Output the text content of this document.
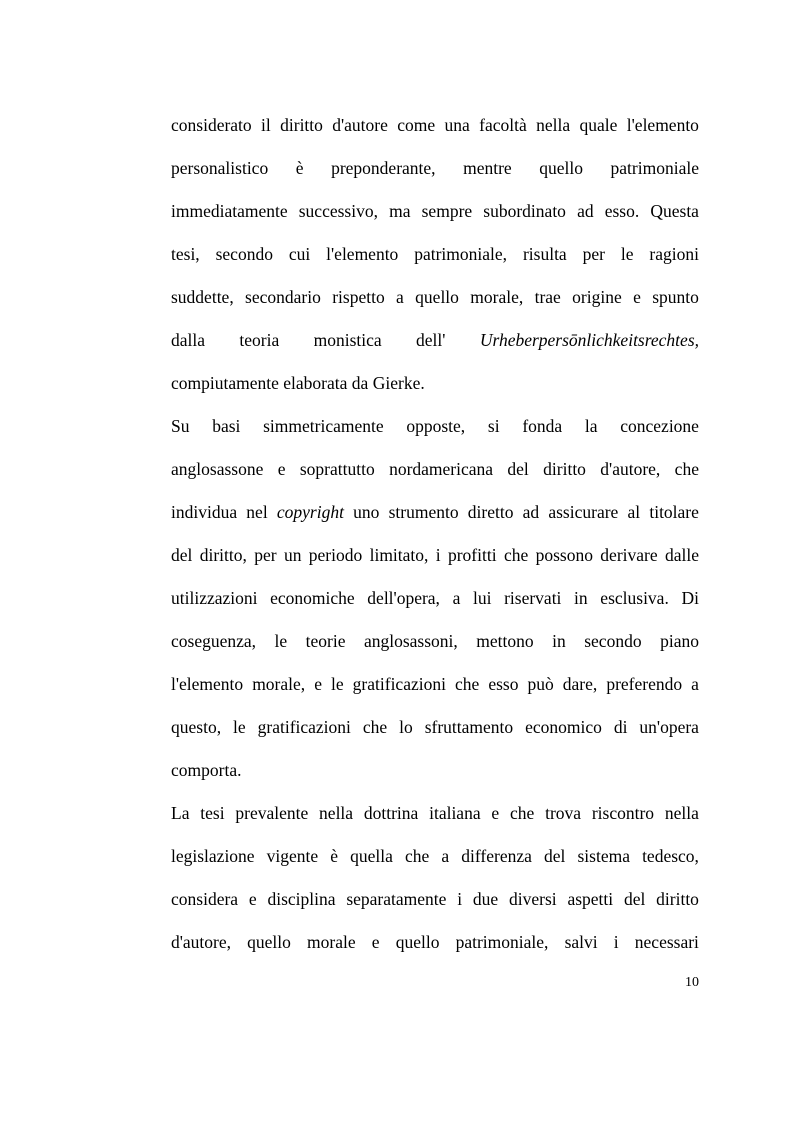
considerato il diritto d'autore come una facoltà nella quale l'elemento
personalistico è preponderante, mentre quello patrimoniale
immediatamente successivo, ma sempre subordinato ad esso. Questa
tesi, secondo cui l'elemento patrimoniale, risulta per le ragioni
suddette, secondario rispetto a quello morale, trae origine e spunto
dalla teoria monistica dell' Urheberpersōnlichkeitsrechtes,
compiutamente elaborata da Gierke.
Su basi simmetricamente opposte, si fonda la concezione
anglosassone e soprattutto nordamericana del diritto d'autore, che
individua nel copyright uno strumento diretto ad assicurare al titolare
del diritto, per un periodo limitato, i profitti che possono derivare dalle
utilizzazioni economiche dell'opera, a lui riservati in esclusiva. Di
coseguenza, le teorie anglosassoni, mettono in secondo piano
l'elemento morale, e le gratificazioni che esso può dare, preferendo a
questo, le gratificazioni che lo sfruttamento economico di un'opera
comporta.
La tesi prevalente nella dottrina italiana e che trova riscontro nella
legislazione vigente è quella che a differenza del sistema tedesco,
considera e disciplina separatamente i due diversi aspetti del diritto
d'autore, quello morale e quello patrimoniale, salvi i necessari
10
